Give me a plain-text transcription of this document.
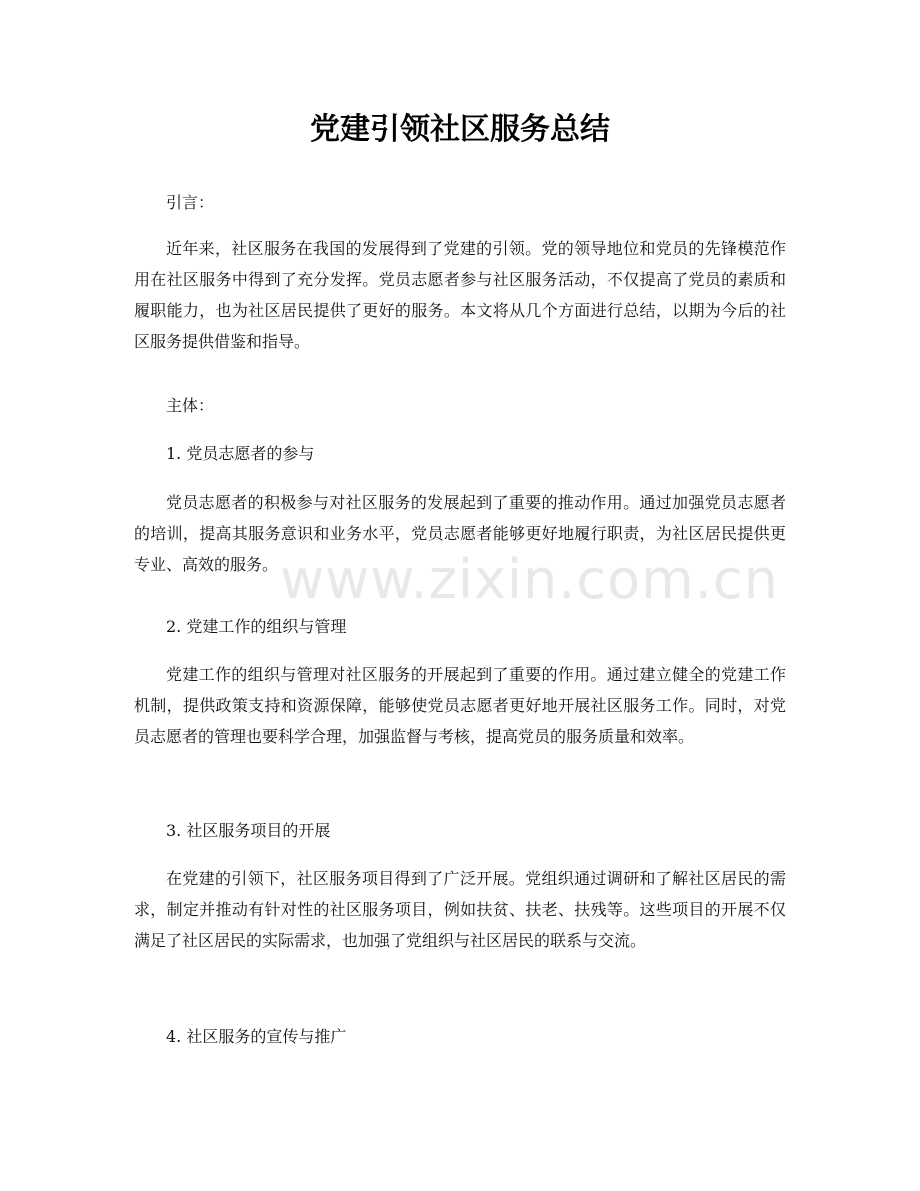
党建引领社区服务总结

引言：

近年来，社区服务在我国的发展得到了党建的引领。党的领导地位和党员的先锋模范作用在社区服务中得到了充分发挥。党员志愿者参与社区服务活动，不仅提高了党员的素质和履职能力，也为社区居民提供了更好的服务。本文将从几个方面进行总结，以期为今后的社区服务提供借鉴和指导。

主体：

1. 党员志愿者的参与

党员志愿者的积极参与对社区服务的发展起到了重要的推动作用。通过加强党员志愿者的培训，提高其服务意识和业务水平，党员志愿者能够更好地履行职责，为社区居民提供更专业、高效的服务。

2. 党建工作的组织与管理

党建工作的组织与管理对社区服务的开展起到了重要的作用。通过建立健全的党建工作机制，提供政策支持和资源保障，能够使党员志愿者更好地开展社区服务工作。同时，对党员志愿者的管理也要科学合理，加强监督与考核，提高党员的服务质量和效率。

3. 社区服务项目的开展

在党建的引领下，社区服务项目得到了广泛开展。党组织通过调研和了解社区居民的需求，制定并推动有针对性的社区服务项目，例如扶贫、扶老、扶残等。这些项目的开展不仅满足了社区居民的实际需求，也加强了党组织与社区居民的联系与交流。

4. 社区服务的宣传与推广

www.zixin.com.cn
